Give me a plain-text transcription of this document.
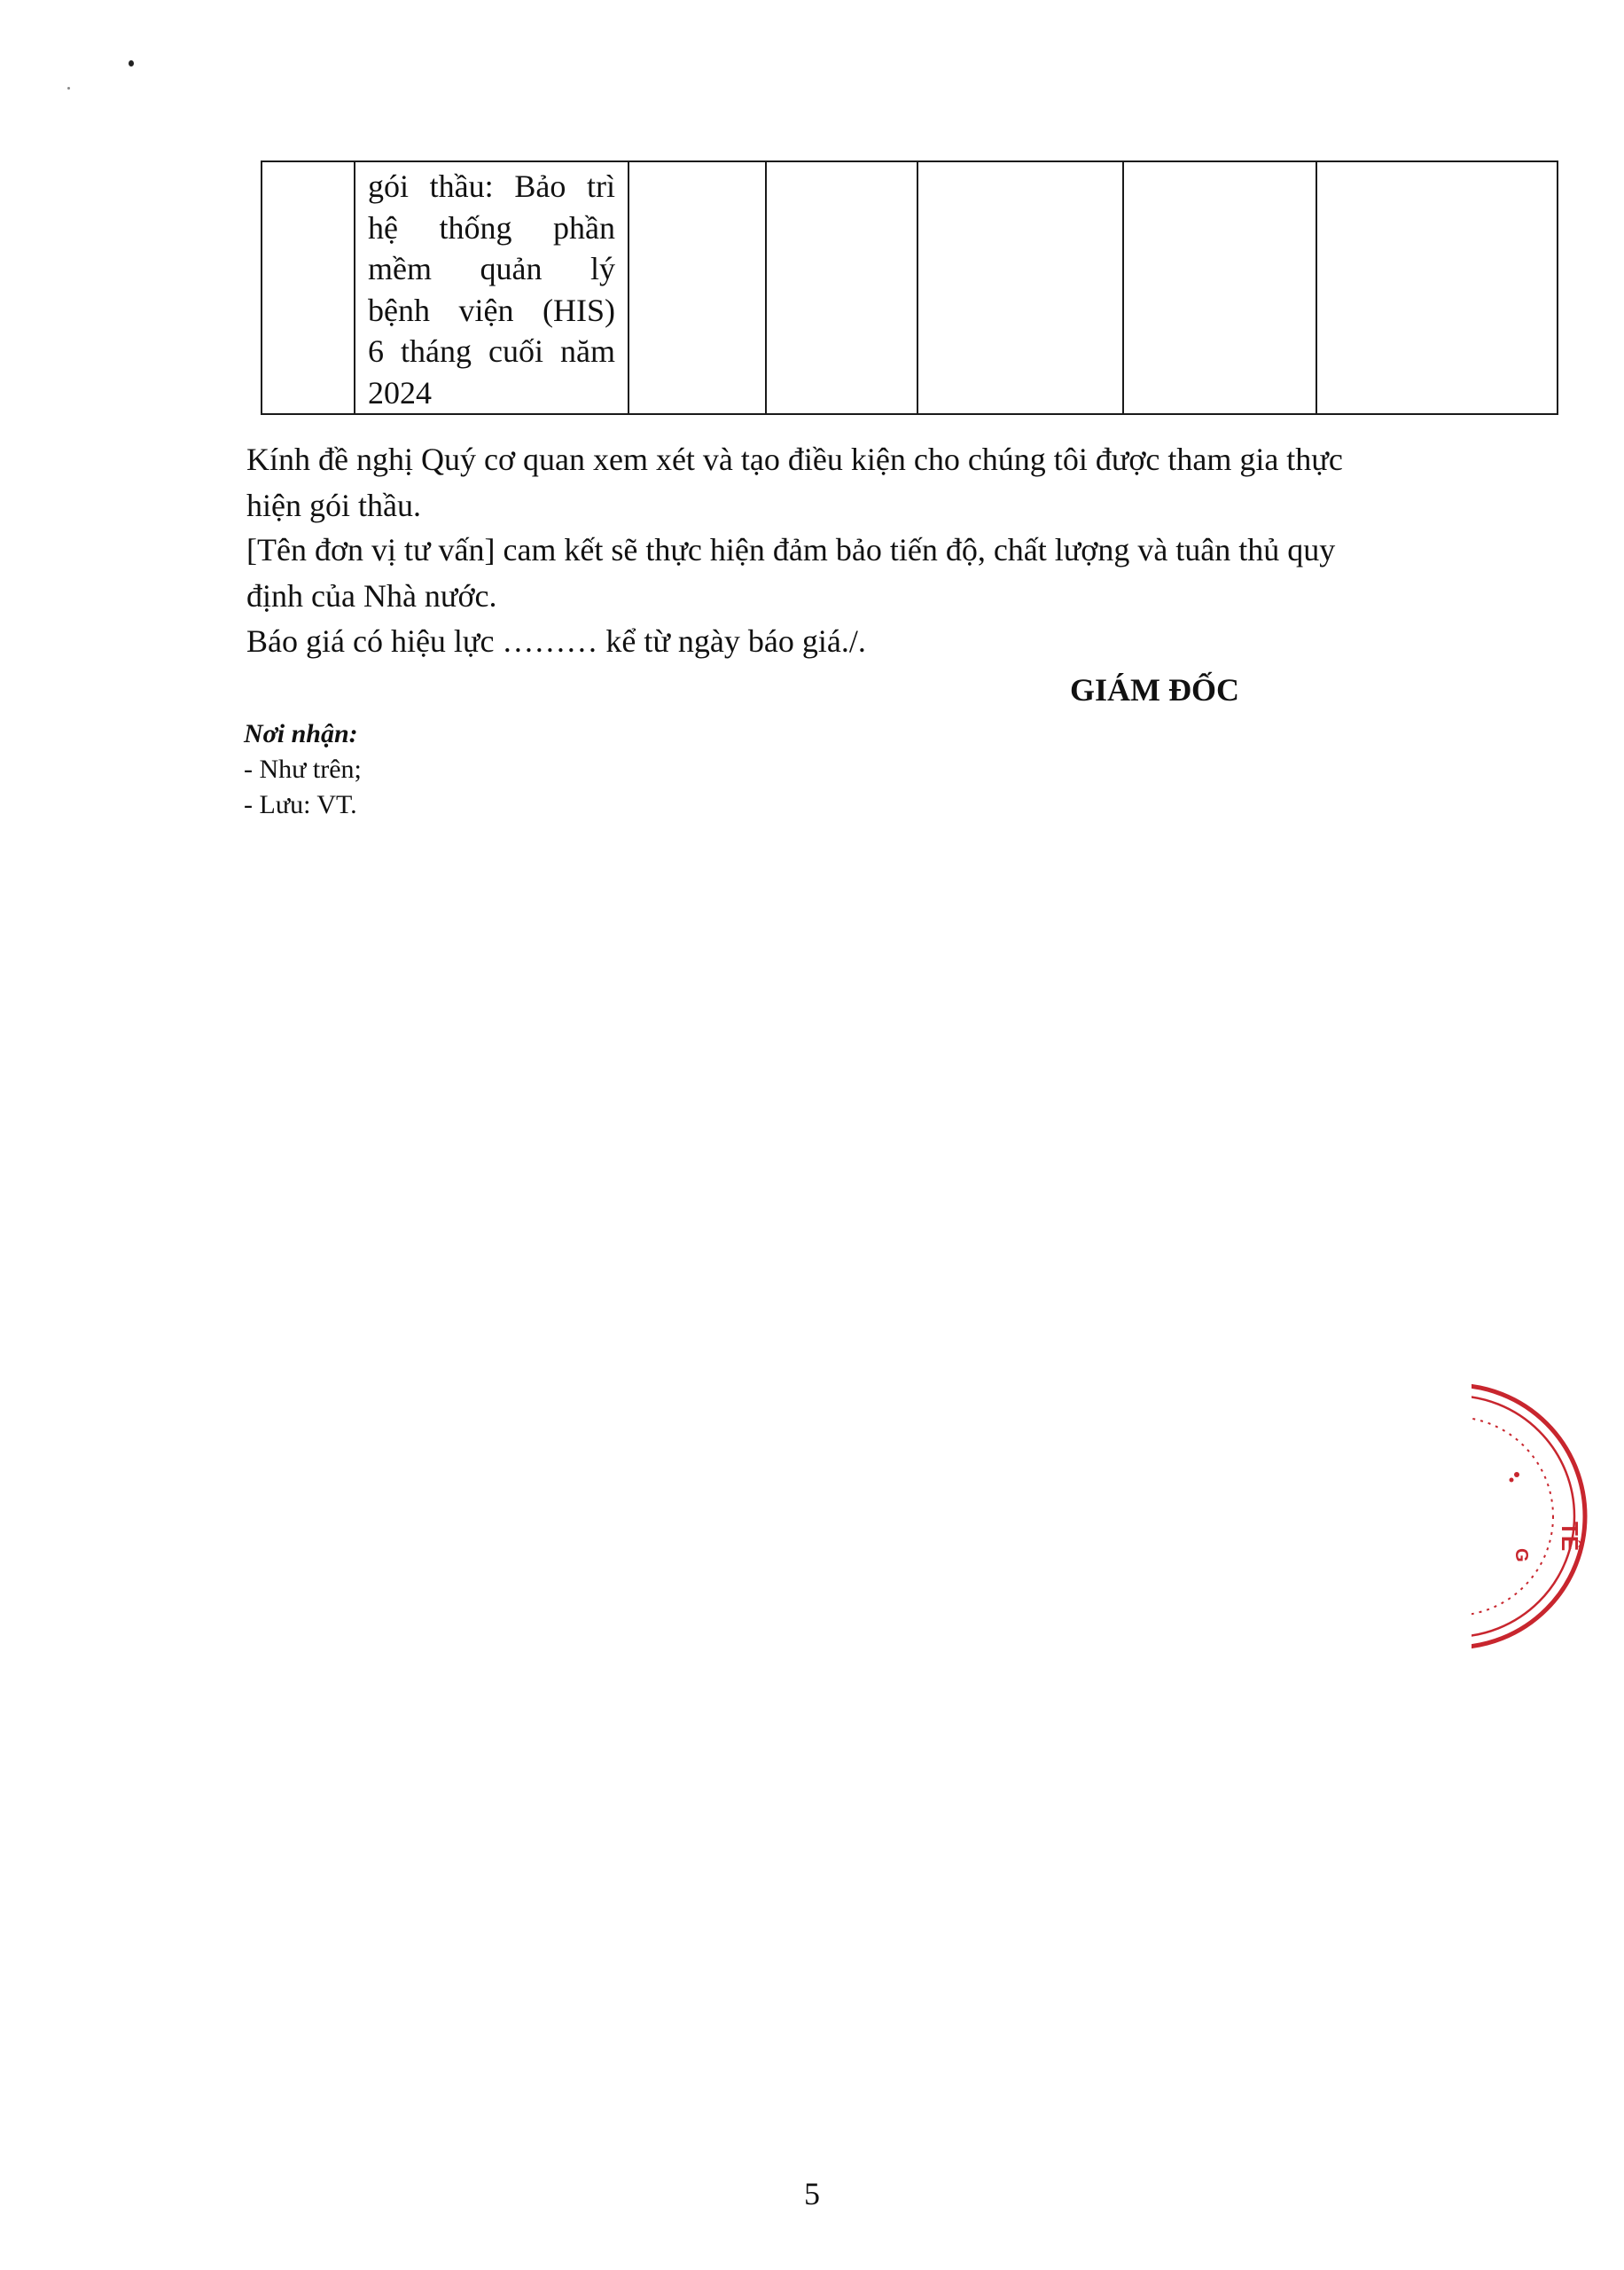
gói thầu: Bảo trì
hệ thống phần
mềm quản lý
bệnh viện (HIS)
6 tháng cuối năm
2024

Kính đề nghị Quý cơ quan xem xét và tạo điều kiện cho chúng tôi được tham gia thực
hiện gói thầu.
[Tên đơn vị tư vấn] cam kết sẽ thực hiện đảm bảo tiến độ, chất lượng và tuân thủ quy
định của Nhà nước.
Báo giá có hiệu lực ……… kể từ ngày báo giá./.
GIÁM ĐỐC
Nơi nhận:
- Như trên;
- Lưu: VT.
TẾ
G
5
